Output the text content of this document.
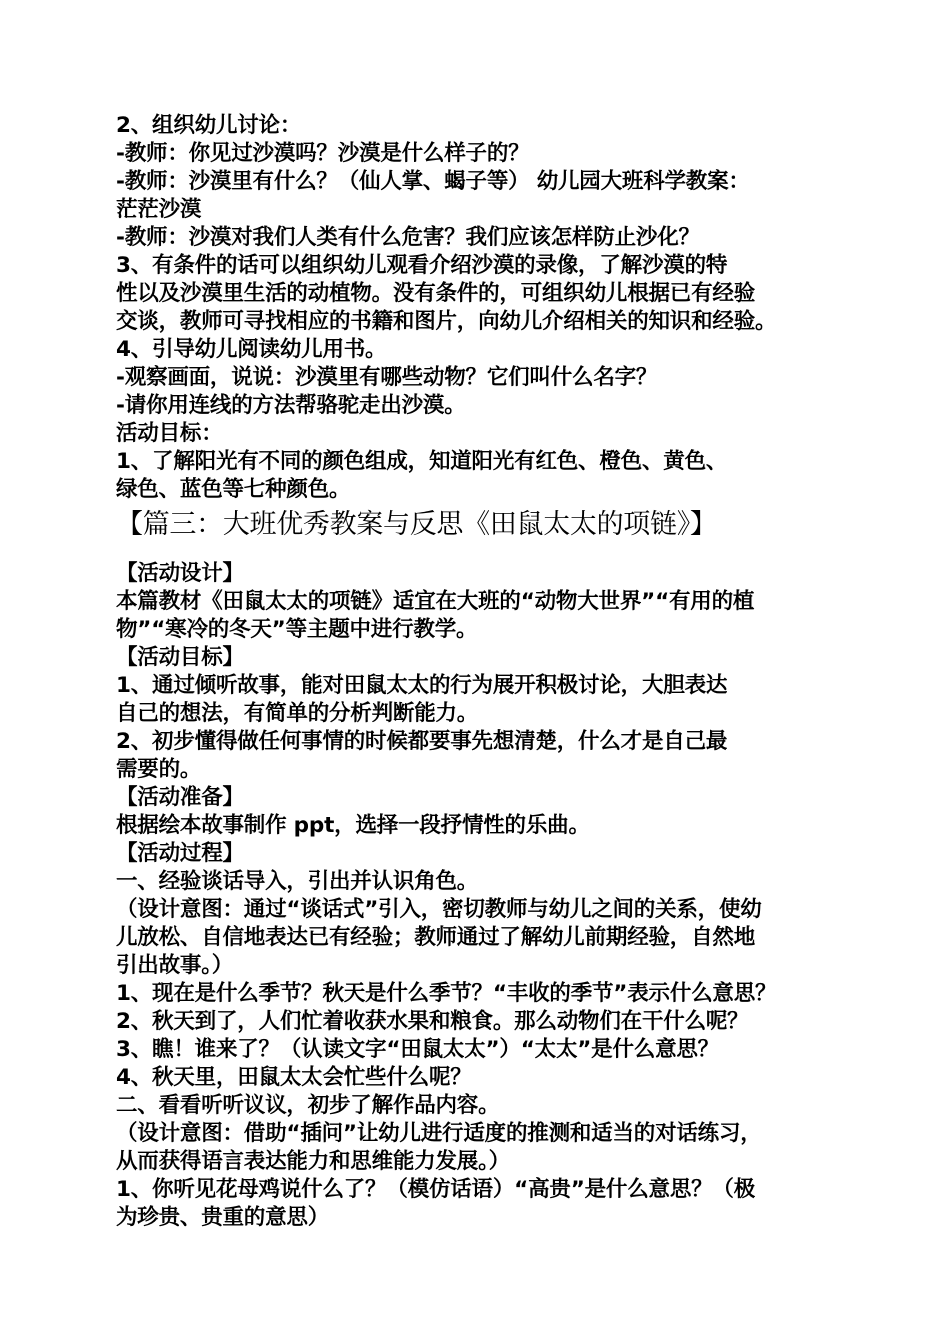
2、组织幼儿讨论：
-教师：你见过沙漠吗？沙漠是什么样子的？
-教师：沙漠里有什么？（仙人掌、蝎子等） 幼儿园大班科学教案：
茫茫沙漠
-教师：沙漠对我们人类有什么危害？我们应该怎样防止沙化？
3、有条件的话可以组织幼儿观看介绍沙漠的录像，了解沙漠的特
性以及沙漠里生活的动植物。没有条件的，可组织幼儿根据已有经验
交谈，教师可寻找相应的书籍和图片，向幼儿介绍相关的知识和经验。
4、引导幼儿阅读幼儿用书。
-观察画面，说说：沙漠里有哪些动物？它们叫什么名字？
-请你用连线的方法帮骆驼走出沙漠。
活动目标：
1、了解阳光有不同的颜色组成，知道阳光有红色、橙色、黄色、
绿色、蓝色等七种颜色。
【篇三：大班优秀教案与反思《田鼠太太的项链》】
【活动设计】
本篇教材《田鼠太太的项链》适宜在大班的“动物大世界”“有用的植
物”“寒冷的冬天”等主题中进行教学。
【活动目标】
1、通过倾听故事，能对田鼠太太的行为展开积极讨论，大胆表达
自己的想法，有简单的分析判断能力。
2、初步懂得做任何事情的时候都要事先想清楚，什么才是自己最
需要的。
【活动准备】
根据绘本故事制作 ppt，选择一段抒情性的乐曲。
【活动过程】
一、经验谈话导入，引出并认识角色。
（设计意图：通过“谈话式”引入，密切教师与幼儿之间的关系，使幼
儿放松、自信地表达已有经验；教师通过了解幼儿前期经验，自然地
引出故事。）
1、现在是什么季节？秋天是什么季节？“丰收的季节”表示什么意思？
2、秋天到了，人们忙着收获水果和粮食。那么动物们在干什么呢？
3、瞧！谁来了？（认读文字“田鼠太太”）“太太”是什么意思？
4、秋天里，田鼠太太会忙些什么呢？
二、看看听听议议，初步了解作品内容。
（设计意图：借助“插问”让幼儿进行适度的推测和适当的对话练习，
从而获得语言表达能力和思维能力发展。）
1、你听见花母鸡说什么了？（模仿话语）“高贵”是什么意思？（极
为珍贵、贵重的意思）
